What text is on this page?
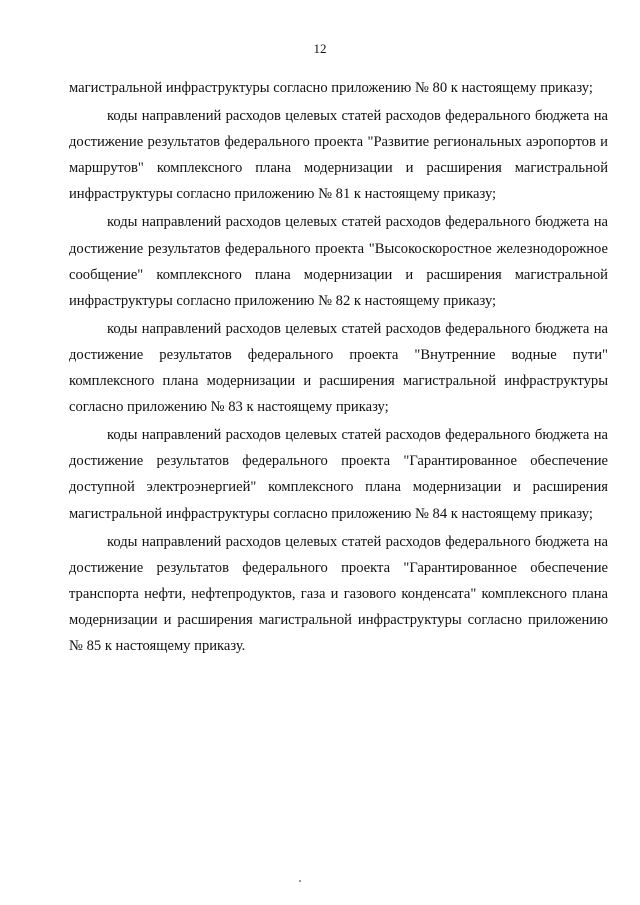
12

магистральной инфраструктуры согласно приложению № 80 к настоящему приказу;

коды направлений расходов целевых статей расходов федерального бюджета на достижение результатов федерального проекта "Развитие региональных аэропортов и маршрутов" комплексного плана модернизации и расширения магистральной инфраструктуры согласно приложению № 81 к настоящему приказу;

коды направлений расходов целевых статей расходов федерального бюджета на достижение результатов федерального проекта "Высокоскоростное железнодорожное сообщение" комплексного плана модернизации и расширения магистральной инфраструктуры согласно приложению № 82 к настоящему приказу;

коды направлений расходов целевых статей расходов федерального бюджета на достижение результатов федерального проекта "Внутренние водные пути" комплексного плана модернизации и расширения магистральной инфраструктуры согласно приложению № 83 к настоящему приказу;

коды направлений расходов целевых статей расходов федерального бюджета на достижение результатов федерального проекта "Гарантированное обеспечение доступной электроэнергией" комплексного плана модернизации и расширения магистральной инфраструктуры согласно приложению № 84 к настоящему приказу;

коды направлений расходов целевых статей расходов федерального бюджета на достижение результатов федерального проекта "Гарантированное обеспечение транспорта нефти, нефтепродуктов, газа и газового конденсата" комплексного плана модернизации и расширения магистральной инфраструктуры согласно приложению № 85 к настоящему приказу.
